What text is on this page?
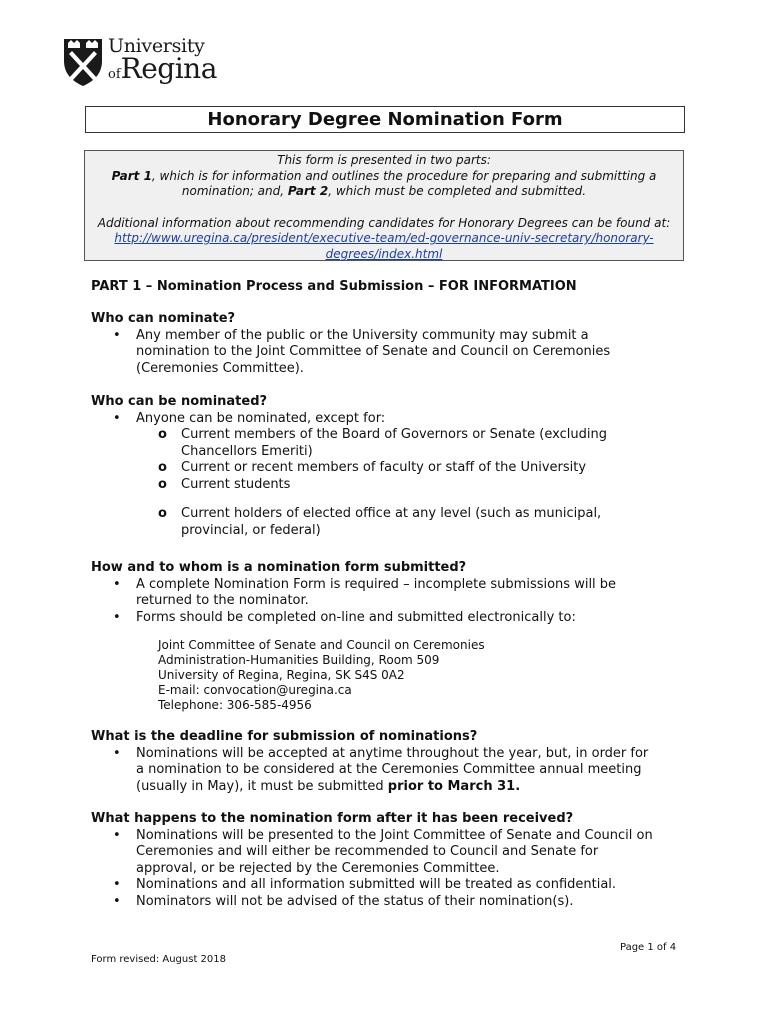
University
ofRegina
Honorary Degree Nomination Form

This form is presented in two parts:

Part 1, which is for information and outlines the procedure for preparing and submitting a nomination; and, Part 2, which must be completed and submitted.

Additional information about recommending candidates for Honorary Degrees can be found at: http://www.uregina.ca/president/executive-team/ed-governance-univ-secretary/honorary-degrees/index.html

PART 1 – Nomination Process and Submission – FOR INFORMATION

Who can nominate?

• Any member of the public or the University community may submit a nomination to the Joint Committee of Senate and Council on Ceremonies (Ceremonies Committee).

Who can be nominated?

• Anyone can be nominated, except for:

o Current members of the Board of Governors or Senate (excluding Chancellors Emeriti)

o Current or recent members of faculty or staff of the University

o Current students

o Current holders of elected office at any level (such as municipal, provincial, or federal)

How and to whom is a nomination form submitted?

• A complete Nomination Form is required – incomplete submissions will be returned to the nominator.

• Forms should be completed on-line and submitted electronically to:

Joint Committee of Senate and Council on Ceremonies

Administration-Humanities Building, Room 509

University of Regina, Regina, SK S4S 0A2

E-mail: convocation@uregina.ca

Telephone: 306-585-4956

What is the deadline for submission of nominations?

• Nominations will be accepted at anytime throughout the year, but, in order for a nomination to be considered at the Ceremonies Committee annual meeting (usually in May), it must be submitted prior to March 31.

What happens to the nomination form after it has been received?

• Nominations will be presented to the Joint Committee of Senate and Council on Ceremonies and will either be recommended to Council and Senate for approval, or be rejected by the Ceremonies Committee.

• Nominations and all information submitted will be treated as confidential.

• Nominators will not be advised of the status of their nomination(s).

Page 1 of 4
Form revised: August 2018
